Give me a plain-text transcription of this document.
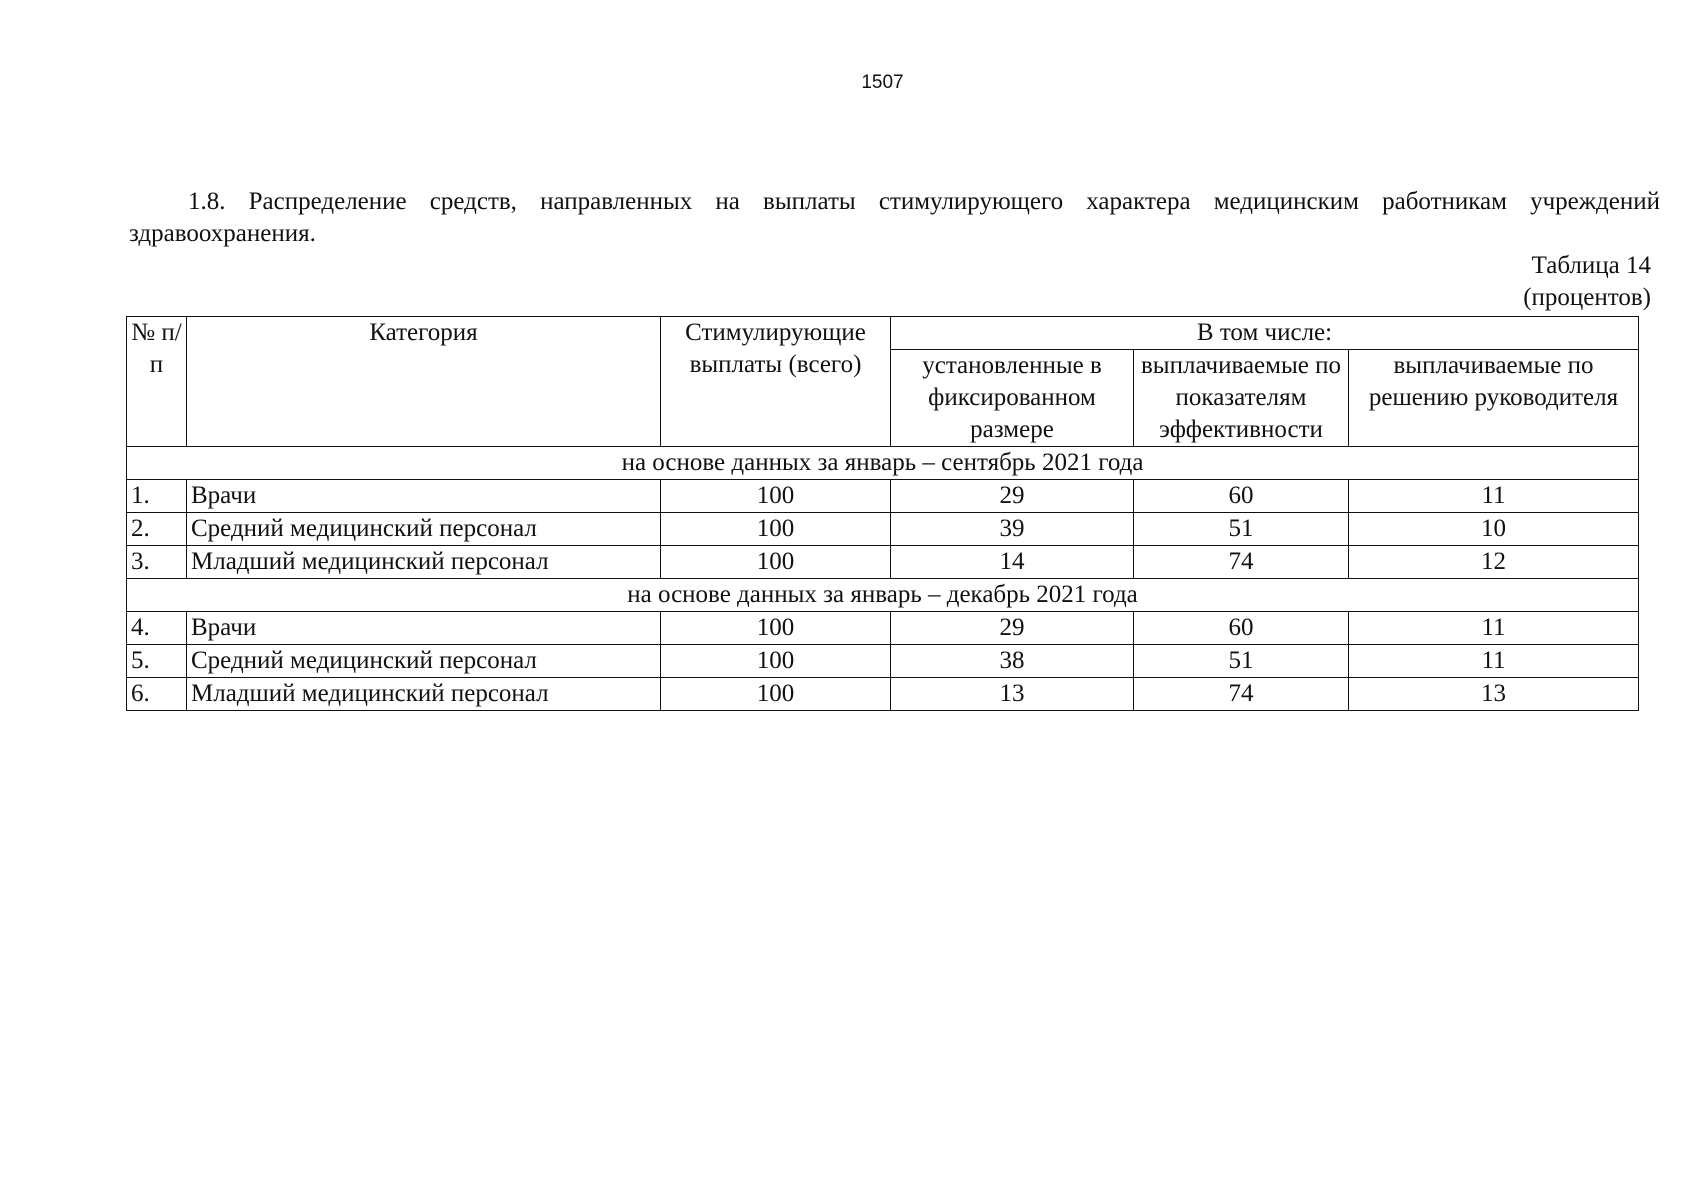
1507

1.8. Распределение средств, направленных на выплаты стимулирующего характера медицинским работникам учреждений здравоохранения.

Таблица 14
(процентов)
№ п/п	Категория	Стимулирующие выплаты (всего)	В том числе:		
			установленные в фиксированном размере	выплачиваемые по показателям эффективности	выплачиваемые по решению руководителя
на основе данных за январь – сентябрь 2021 года					
1.	Врачи	100	29	60	11
2.	Средний медицинский персонал	100	39	51	10
3.	Младший медицинский персонал	100	14	74	12
на основе данных за январь – декабрь 2021 года					
4.	Врачи	100	29	60	11
5.	Средний медицинский персонал	100	38	51	11
6.	Младший медицинский персонал	100	13	74	13
